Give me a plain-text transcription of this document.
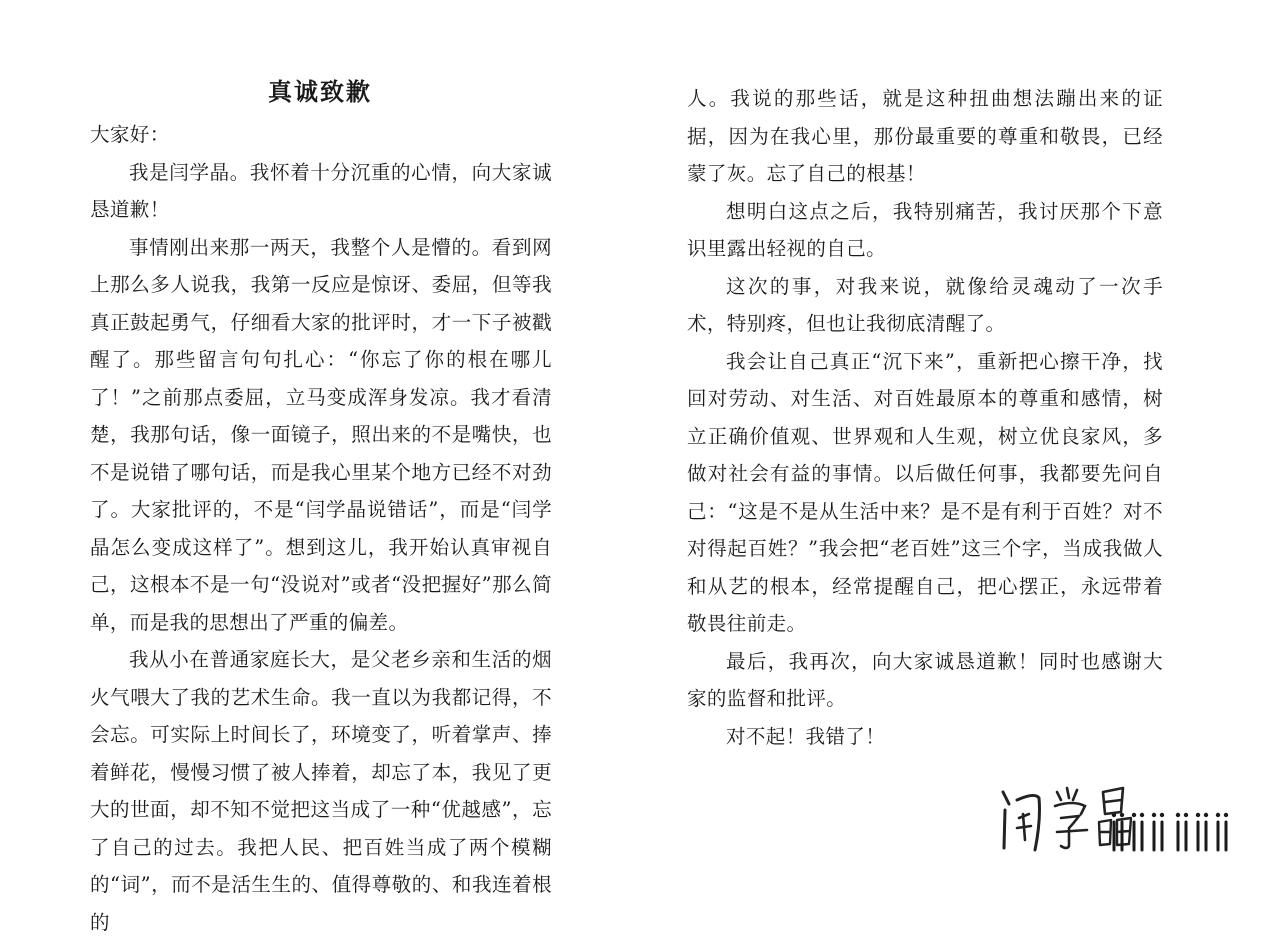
真诚致歉

大家好：

我是闫学晶。我怀着十分沉重的心情，向大家诚恳道歉！

事情刚出来那一两天，我整个人是懵的。看到网上那么多人说我，我第一反应是惊讶、委屈，但等我真正鼓起勇气，仔细看大家的批评时，才一下子被戳醒了。那些留言句句扎心：“你忘了你的根在哪儿了！”之前那点委屈，立马变成浑身发凉。我才看清楚，我那句话，像一面镜子，照出来的不是嘴快，也不是说错了哪句话，而是我心里某个地方已经不对劲了。大家批评的，不是“闫学晶说错话”，而是“闫学晶怎么变成这样了”。想到这儿，我开始认真审视自己，这根本不是一句“没说对”或者“没把握好”那么简单，而是我的思想出了严重的偏差。

我从小在普通家庭长大，是父老乡亲和生活的烟火气喂大了我的艺术生命。我一直以为我都记得，不会忘。可实际上时间长了，环境变了，听着掌声、捧着鲜花，慢慢习惯了被人捧着，却忘了本，我见了更大的世面，却不知不觉把这当成了一种“优越感”，忘了自己的过去。我把人民、把百姓当成了两个模糊的“词”，而不是活生生的、值得尊敬的、和我连着根的

人。我说的那些话，就是这种扭曲想法蹦出来的证据，因为在我心里，那份最重要的尊重和敬畏，已经蒙了灰。忘了自己的根基！

想明白这点之后，我特别痛苦，我讨厌那个下意识里露出轻视的自己。

这次的事，对我来说，就像给灵魂动了一次手术，特别疼，但也让我彻底清醒了。

我会让自己真正“沉下来”，重新把心擦干净，找回对劳动、对生活、对百姓最原本的尊重和感情，树立正确价值观、世界观和人生观，树立优良家风，多做对社会有益的事情。以后做任何事，我都要先问自己：“这是不是从生活中来？是不是有利于百姓？对不对得起百姓？”我会把“老百姓”这三个字，当成我做人和从艺的根本，经常提醒自己，把心摆正，永远带着敬畏往前走。

最后，我再次，向大家诚恳道歉！同时也感谢大家的监督和批评。

对不起！我错了！
